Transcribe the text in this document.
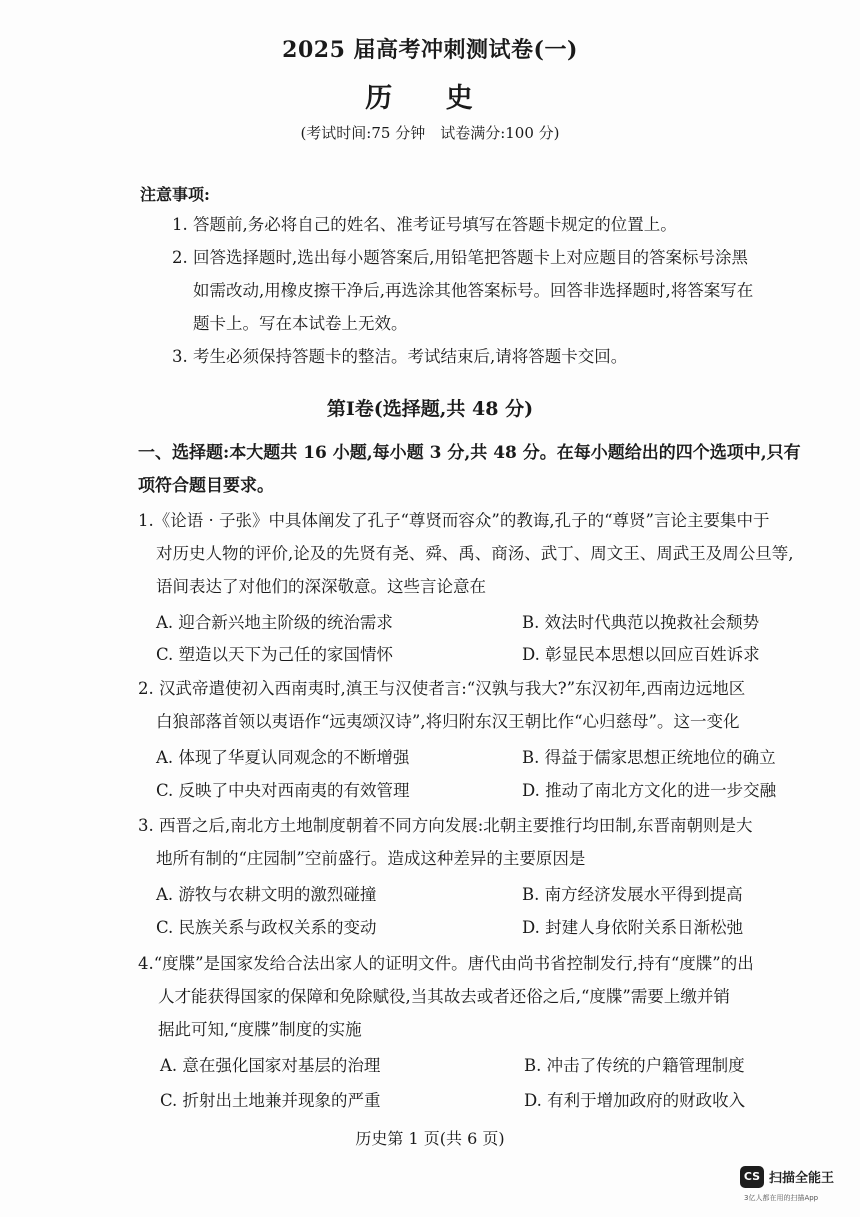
2025 届高考冲刺测试卷(一)
历 史
(考试时间:75 分钟　试卷满分:100 分)
注意事项:
1. 答题前,务必将自己的姓名、准考证号填写在答题卡规定的位置上。
2. 回答选择题时,选出每小题答案后,用铅笔把答题卡上对应题目的答案标号涂黑
如需改动,用橡皮擦干净后,再选涂其他答案标号。回答非选择题时,将答案写在
题卡上。写在本试卷上无效。
3. 考生必须保持答题卡的整洁。考试结束后,请将答题卡交回。
第Ⅰ卷(选择题,共 48 分)
一、选择题:本大题共 16 小题,每小题 3 分,共 48 分。在每小题给出的四个选项中,只有
项符合题目要求。
1.《论语 · 子张》中具体阐发了孔子“尊贤而容众”的教诲,孔子的“尊贤”言论主要集中于
对历史人物的评价,论及的先贤有尧、舜、禹、商汤、武丁、周文王、周武王及周公旦等,
语间表达了对他们的深深敬意。这些言论意在
A. 迎合新兴地主阶级的统治需求	B. 效法时代典范以挽救社会颓势
C. 塑造以天下为己任的家国情怀	D. 彰显民本思想以回应百姓诉求
2. 汉武帝遣使初入西南夷时,滇王与汉使者言:“汉孰与我大?”东汉初年,西南边远地区
白狼部落首领以夷语作“远夷颂汉诗”,将归附东汉王朝比作“心归慈母”。这一变化
A. 体现了华夏认同观念的不断增强	B. 得益于儒家思想正统地位的确立
C. 反映了中央对西南夷的有效管理	D. 推动了南北方文化的进一步交融
3. 西晋之后,南北方土地制度朝着不同方向发展:北朝主要推行均田制,东晋南朝则是大
地所有制的“庄园制”空前盛行。造成这种差异的主要原因是
A. 游牧与农耕文明的激烈碰撞	B. 南方经济发展水平得到提高
C. 民族关系与政权关系的变动	D. 封建人身依附关系日渐松弛
4.“度牒”是国家发给合法出家人的证明文件。唐代由尚书省控制发行,持有“度牒”的出
人才能获得国家的保障和免除赋役,当其故去或者还俗之后,“度牒”需要上缴并销
据此可知,“度牒”制度的实施
A. 意在强化国家对基层的治理	B. 冲击了传统的户籍管理制度
C. 折射出土地兼并现象的严重	D. 有利于增加政府的财政收入
历史第 1 页(共 6 页)
CS 扫描全能王
3亿人都在用的扫描App
